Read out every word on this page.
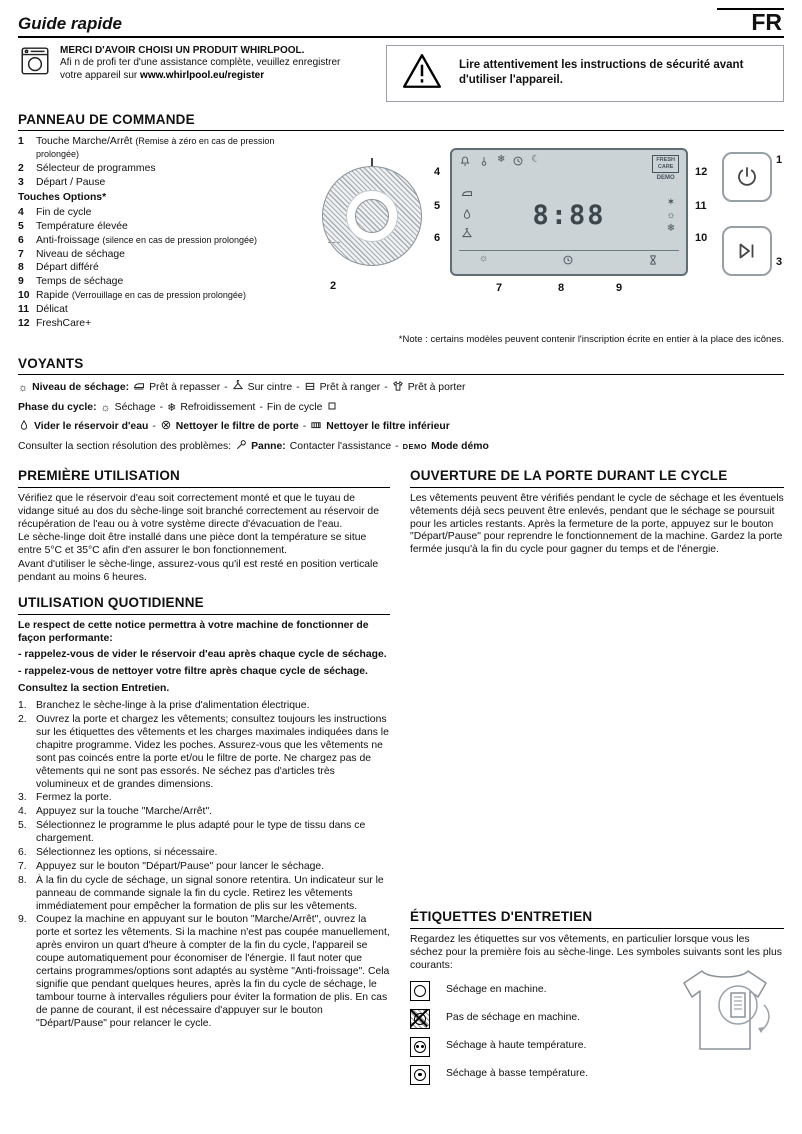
Guide rapide	FR
MERCI D'AVOIR CHOISI UN PRODUIT WHIRLPOOL.
Afi n de profi ter d'une assistance complète, veuillez enregistrer
votre appareil sur www.whirlpool.eu/register
Lire attentivement les instructions de sécurité avant d'utiliser l'appareil.
PANNEAU DE COMMANDE
1	Touche Marche/Arrêt (Remise à zéro en cas de pression prolongée)
2	Sélecteur de programmes
3	Départ / Pause
Touches Options*
4	Fin de cycle
5	Température élevée
6	Anti-froissage (silence en cas de pression prolongée)
7	Niveau de séchage
8	Départ différé
9	Temps de séchage
10 Rapide (Verrouillage en cas de pression prolongée)
11 Délicat
12 FreshCare+
2
❄	☾	FRESH
CARE
DEMO
8:88	✶
☼
❄
☼
4
5
6
12
11
10
7	8	9
1
3
*Note : certains modèles peuvent contenir l'inscription écrite en entier à la place des icônes.
VOYANTS
☼ Niveau de séchage: Prêt à repasser - Sur cintre - Prêt à ranger - Prêt à porter
Phase du cycle: ☼ Séchage - ❄ Refroidissement - Fin de cycle
Vider le réservoir d'eau - Nettoyer le filtre de porte - Nettoyer le filtre inférieur
Consulter la section résolution des problèmes: Panne: Contacter l'assistance - DEMO Mode démo
PREMIÈRE UTILISATION

Vérifiez que le réservoir d'eau soit correctement monté et que le tuyau de vidange situé au dos du sèche-linge soit branché correctement au réservoir de récupération de l'eau ou à votre système directe d'évacuation de l'eau.

Le sèche-linge doit être installé dans une pièce dont la température se situe entre 5°C et 35°C afin d'en assurer le bon fonctionnement.

Avant d'utiliser le sèche-linge, assurez-vous qu'il est resté en position verticale pendant au moins 6 heures.

UTILISATION QUOTIDIENNE
Le respect de cette notice permettra à votre machine de fonctionner de façon performante:
- rappelez-vous de vider le réservoir d'eau après chaque cycle de séchage.
- rappelez-vous de nettoyer votre filtre après chaque cycle de séchage.
Consultez la section Entretien.
1. Branchez le sèche-linge à la prise d'alimentation électrique.
2. Ouvrez la porte et chargez les vêtements; consultez toujours les instructions sur les étiquettes des vêtements et les charges maximales indiquées dans le chapitre programme. Videz les poches. Assurez-vous que les vêtements ne sont pas coincés entre la porte et/ou le filtre de porte. Ne chargez pas de vêtements qui ne sont pas essorés. Ne séchez pas d'articles très volumineux et de grandes dimensions.
3. Fermez la porte.
4. Appuyez sur la touche "Marche/Arrêt".
5. Sélectionnez le programme le plus adapté pour le type de tissu dans ce chargement.
6. Sélectionnez les options, si nécessaire.
7. Appuyez sur le bouton "Départ/Pause" pour lancer le séchage.
8. À la fin du cycle de séchage, un signal sonore retentira. Un indicateur sur le panneau de commande signale la fin du cycle. Retirez les vêtements immédiatement pour empêcher la formation de plis sur les vêtements.
9. Coupez la machine en appuyant sur le bouton "Marche/Arrêt", ouvrez la porte et sortez les vêtements. Si la machine n'est pas coupée manuellement, après environ un quart d'heure à compter de la fin du cycle, l'appareil se coupe automatiquement pour économiser de l'énergie. Il faut noter que certains programmes/options sont adaptés au système "Anti-froissage". Cela signifie que pendant quelques heures, après la fin du cycle de séchage, le tambour tourne à intervalles réguliers pour éviter la formation de plis. En cas de panne de courant, il est nécessaire d'appuyer sur le bouton "Départ/Pause" pour relancer le cycle.
OUVERTURE DE LA PORTE DURANT LE CYCLE

Les vêtements peuvent être vérifiés pendant le cycle de séchage et les éventuels vêtements déjà secs peuvent être enlevés, pendant que le séchage se poursuit pour les articles restants. Après la fermeture de la porte, appuyez sur le bouton "Départ/Pause" pour reprendre le fonctionnement de la machine. Gardez la porte fermée jusqu'à la fin du cycle pour gagner du temps et de l'énergie.

ÉTIQUETTES D'ENTRETIEN

Regardez les étiquettes sur vos vêtements, en particulier lorsque vous les séchez pour la première fois au sèche-linge. Les symboles suivants sont les plus courants:

Séchage en machine.
Pas de séchage en machine.
Séchage à haute température.
Séchage à basse température.
